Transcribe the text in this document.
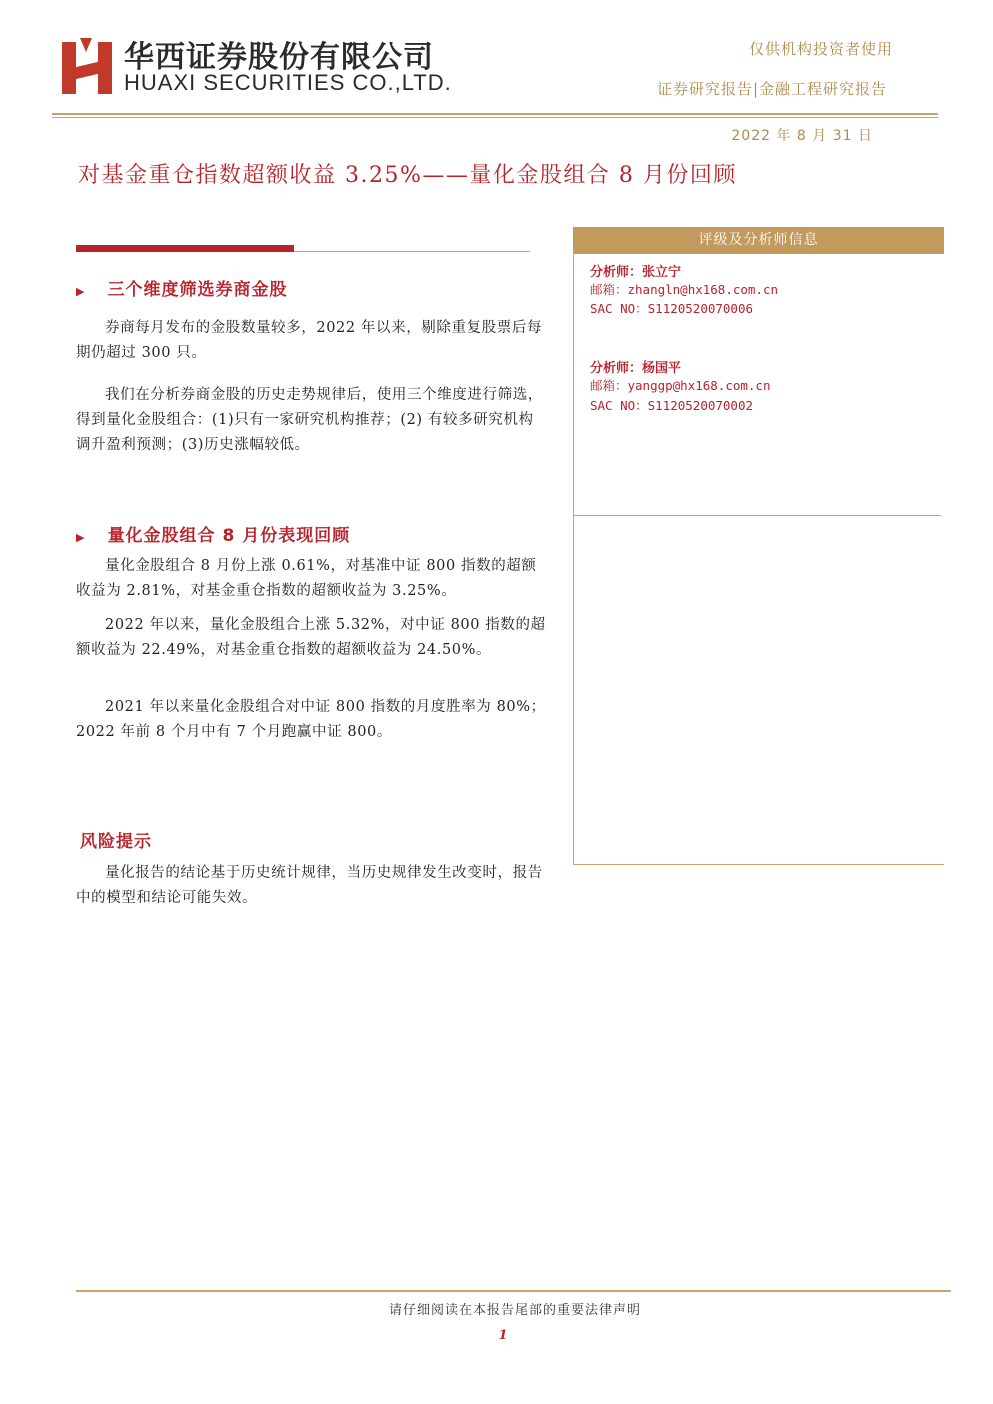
华西证券股份有限公司
HUAXI SECURITIES CO.,LTD.
仅供机构投资者使用
证券研究报告|金融工程研究报告
2022 年 8 月 31 日
对基金重仓指数超额收益 3.25%——量化金股组合 8 月份回顾
▶ 三个维度筛选券商金股

券商每月发布的金股数量较多，2022 年以来，剔除重复股票后每期仍超过 300 只。

我们在分析券商金股的历史走势规律后，使用三个维度进行筛选，得到量化金股组合：(1)只有一家研究机构推荐；(2) 有较多研究机构调升盈利预测；(3)历史涨幅较低。

▶ 量化金股组合 8 月份表现回顾

量化金股组合 8 月份上涨 0.61%，对基准中证 800 指数的超额收益为 2.81%，对基金重仓指数的超额收益为 3.25%。

2022 年以来，量化金股组合上涨 5.32%，对中证 800 指数的超额收益为 22.49%，对基金重仓指数的超额收益为 24.50%。

2021 年以来量化金股组合对中证 800 指数的月度胜率为 80%；2022 年前 8 个月中有 7 个月跑赢中证 800。

风险提示

量化报告的结论基于历史统计规律，当历史规律发生改变时，报告中的模型和结论可能失效。

评级及分析师信息
分析师：张立宁
邮箱：zhangln@hx168.com.cn
SAC NO：S1120520070006
分析师：杨国平
邮箱：yanggp@hx168.com.cn
SAC NO：S1120520070002
请仔细阅读在本报告尾部的重要法律声明
1
